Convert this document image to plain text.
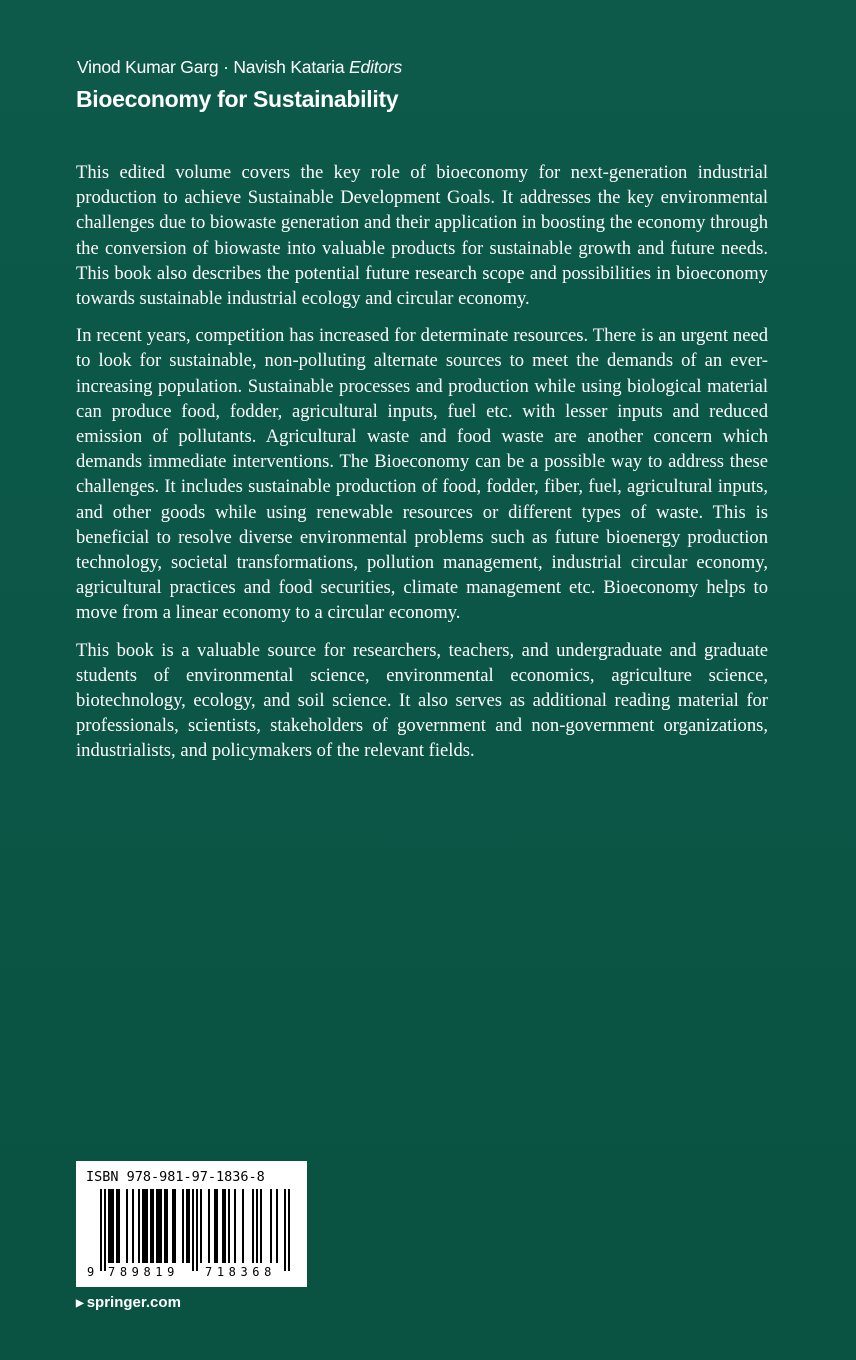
Vinod Kumar Garg · Navish Kataria Editors
Bioeconomy for Sustainability

This edited volume covers the key role of bioeconomy for next-generation industrial production to achieve Sustainable Development Goals. It addresses the key environmental challenges due to biowaste generation and their application in boosting the economy through the conversion of biowaste into valuable products for sustainable growth and future needs. This book also describes the potential future research scope and possibilities in bioeconomy towards sustainable industrial ecology and circular economy.

In recent years, competition has increased for determinate resources. There is an urgent need to look for sustainable, non-polluting alternate sources to meet the demands of an ever-increasing population. Sustainable processes and production while using biological material can produce food, fodder, agricultural inputs, fuel etc. with lesser inputs and reduced emission of pollutants. Agricultural waste and food waste are another concern which demands immediate interventions. The Bioeconomy can be a possible way to address these challenges. It includes sustainable production of food, fodder, fiber, fuel, agricultural inputs, and other goods while using renewable resources or different types of waste. This is beneficial to resolve diverse environmental problems such as future bioenergy production technology, societal transformations, pollution management, industrial circular economy, agricultural practices and food securities, climate management etc. Bioeconomy helps to move from a linear economy to a circular economy.

This book is a valuable source for researchers, teachers, and undergraduate and graduate students of environmental science, environmental economics, agriculture science, biotechnology, ecology, and soil science. It also serves as additional reading material for professionals, scientists, stakeholders of government and non-government organizations, industrialists, and policymakers of the relevant fields.

ISBN 978-981-97-1836-8
9 789819 718368
▶ springer.com
